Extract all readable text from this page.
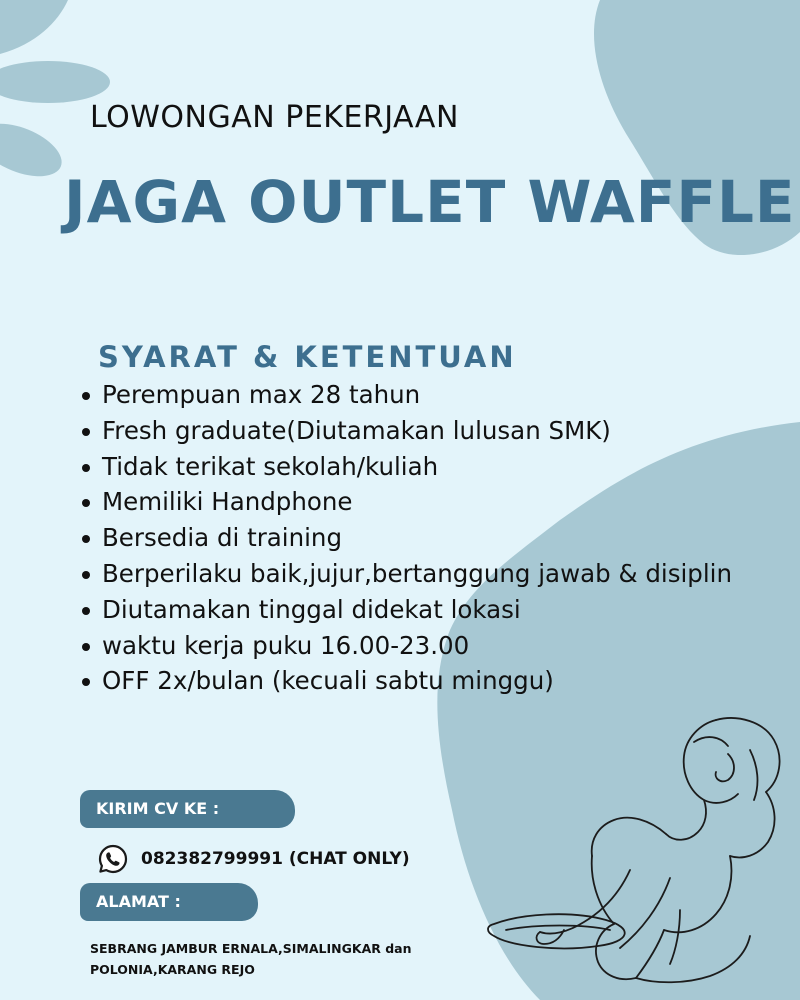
LOWONGAN PEKERJAAN
JAGA OUTLET WAFFLE
SYARAT & KETENTUAN
Perempuan max 28 tahun
Fresh graduate(Diutamakan lulusan SMK)
Tidak terikat sekolah/kuliah
Memiliki Handphone
Bersedia di training
Berperilaku baik,jujur,bertanggung jawab & disiplin
Diutamakan tinggal didekat lokasi
waktu kerja puku 16.00-23.00
OFF 2x/bulan (kecuali sabtu minggu)
KIRIM CV KE :
082382799991 (CHAT ONLY)
ALAMAT :
SEBRANG JAMBUR ERNALA,SIMALINGKAR dan
POLONIA,KARANG REJO
